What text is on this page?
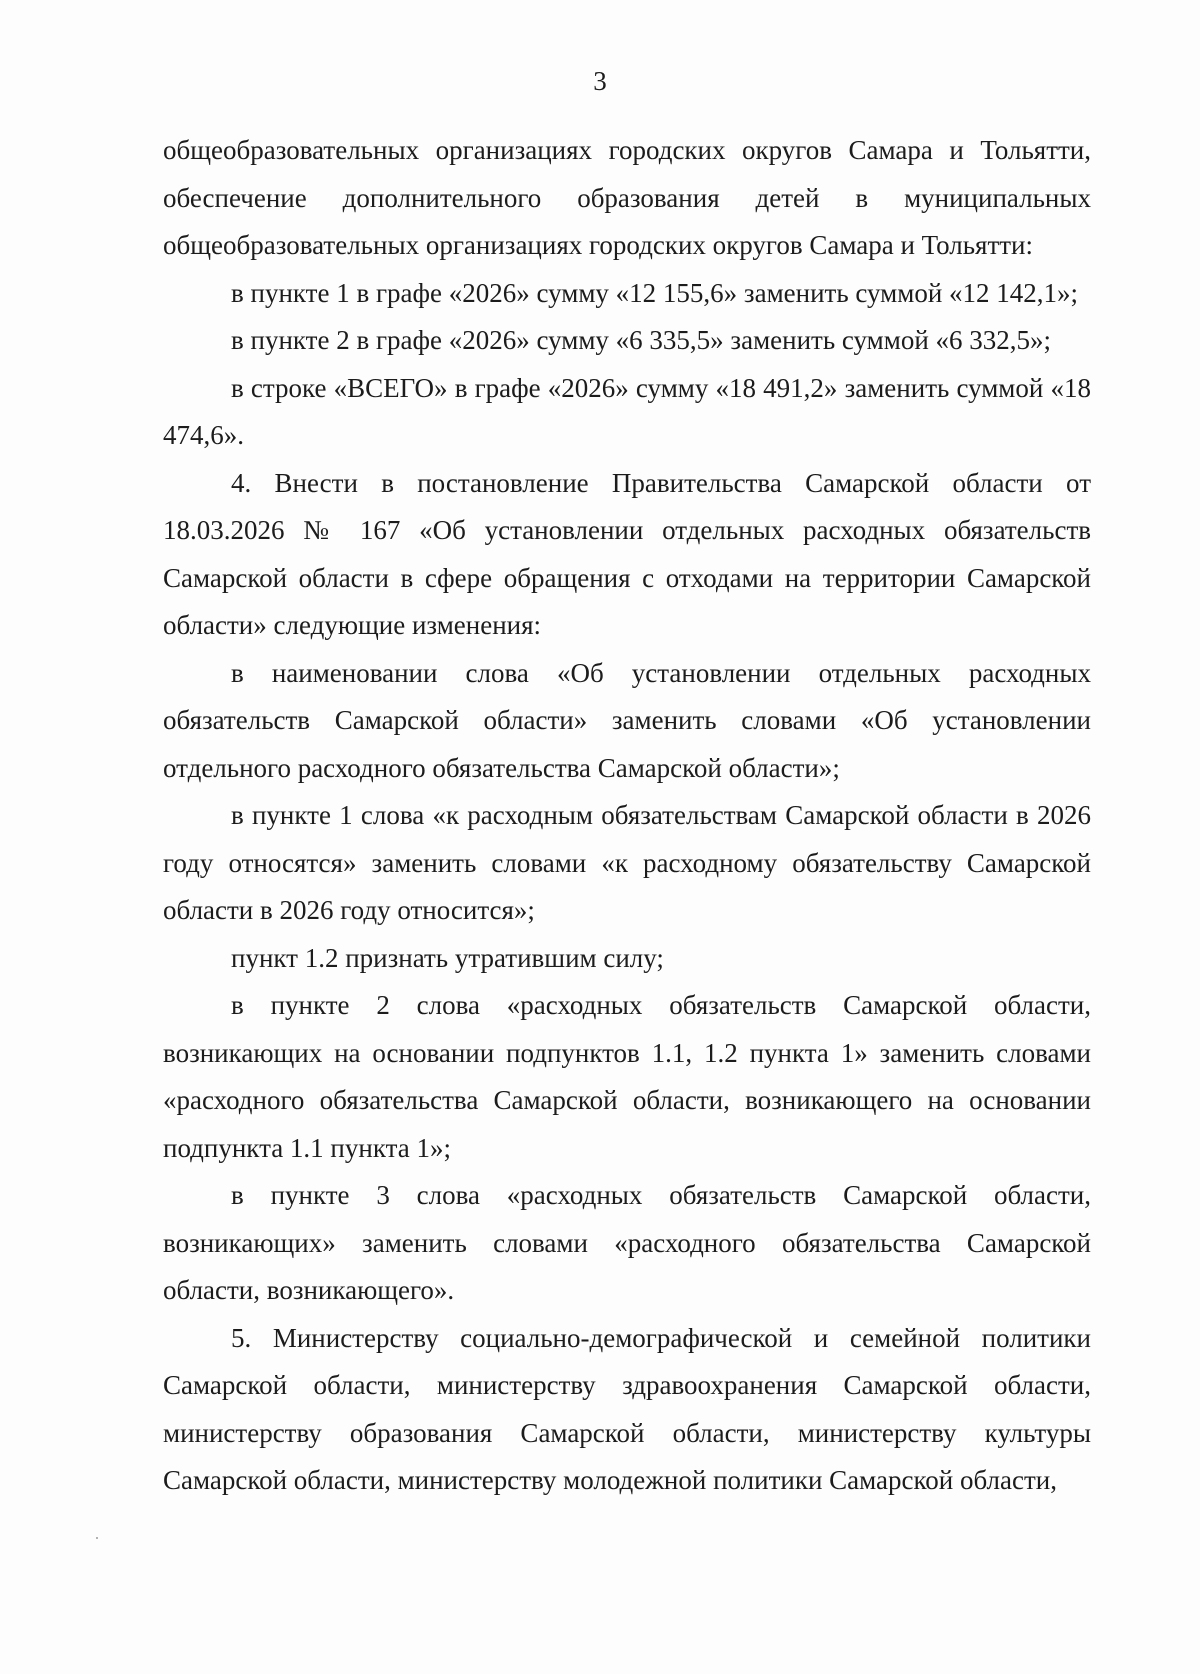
3

общеобразовательных организациях городских округов Самара и Тольятти, обеспечение дополнительного образования детей в муниципальных общеобразовательных организациях городских округов Самара и Тольятти:

в пункте 1 в графе «2026» сумму «12 155,6» заменить суммой «12 142,1»;

в пункте 2 в графе «2026» сумму «6 335,5» заменить суммой «6 332,5»;

в строке «ВСЕГО» в графе «2026» сумму «18 491,2» заменить суммой «18 474,6».

4. Внести в постановление Правительства Самарской области от 18.03.2026 № 167 «Об установлении отдельных расходных обязательств Самарской области в сфере обращения с отходами на территории Самарской области» следующие изменения:

в наименовании слова «Об установлении отдельных расходных обязательств Самарской области» заменить словами «Об установлении отдельного расходного обязательства Самарской области»;

в пункте 1 слова «к расходным обязательствам Самарской области в 2026 году относятся» заменить словами «к расходному обязательству Самарской области в 2026 году относится»;

пункт 1.2 признать утратившим силу;

в пункте 2 слова «расходных обязательств Самарской области, возникающих на основании подпунктов 1.1, 1.2 пункта 1» заменить словами «расходного обязательства Самарской области, возникающего на основании подпункта 1.1 пункта 1»;

в пункте 3 слова «расходных обязательств Самарской области, возникающих» заменить словами «расходного обязательства Самарской области, возникающего».

5. Министерству социально-демографической и семейной политики Самарской области, министерству здравоохранения Самарской области, министерству образования Самарской области, министерству культуры Самарской области, министерству молодежной политики Самарской области,
